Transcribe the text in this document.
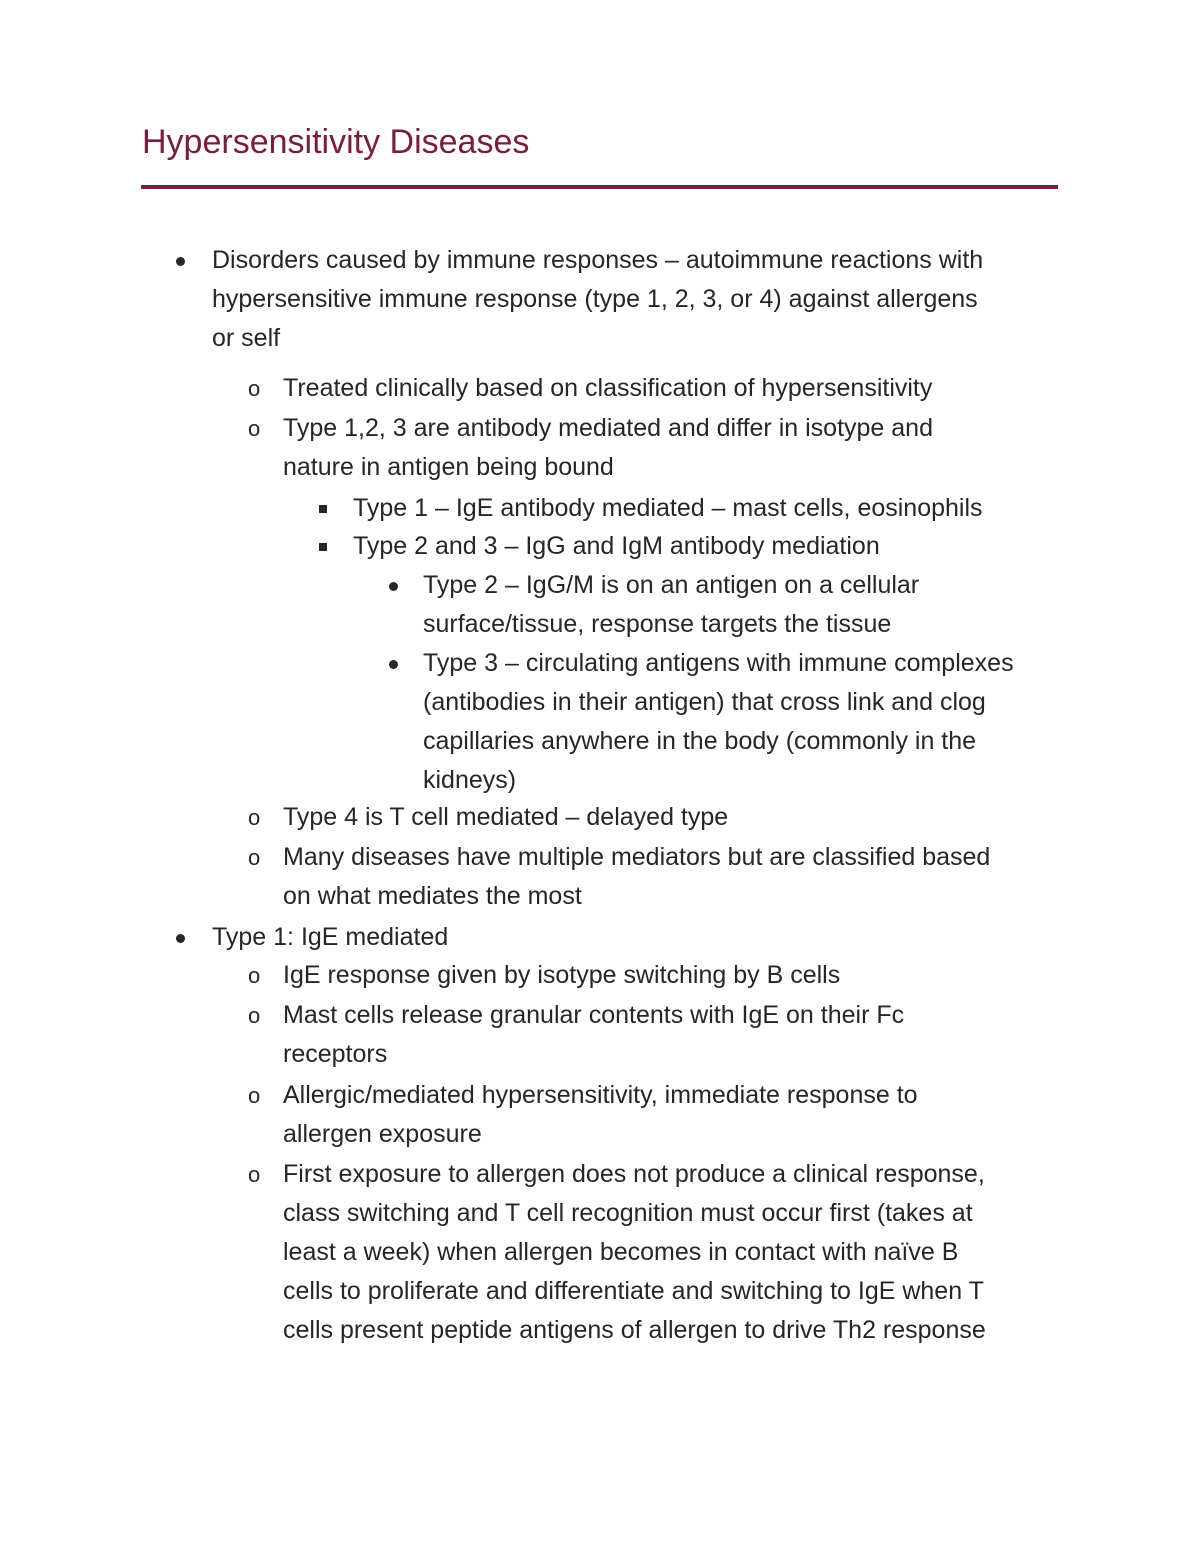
Hypersensitivity Diseases
Disorders caused by immune responses – autoimmune reactions with
hypersensitive immune response (type 1, 2, 3, or 4) against allergens
or self
o Treated clinically based on classification of hypersensitivity
o Type 1,2, 3 are antibody mediated and differ in isotype and
nature in antigen being bound
Type 1 – IgE antibody mediated – mast cells, eosinophils
Type 2 and 3 – IgG and IgM antibody mediation
Type 2 – IgG/M is on an antigen on a cellular
surface/tissue, response targets the tissue
Type 3 – circulating antigens with immune complexes
(antibodies in their antigen) that cross link and clog
capillaries anywhere in the body (commonly in the
kidneys)
o Type 4 is T cell mediated – delayed type
o Many diseases have multiple mediators but are classified based
on what mediates the most
Type 1: IgE mediated
o IgE response given by isotype switching by B cells
o Mast cells release granular contents with IgE on their Fc
receptors
o Allergic/mediated hypersensitivity, immediate response to
allergen exposure
o First exposure to allergen does not produce a clinical response,
class switching and T cell recognition must occur first (takes at
least a week) when allergen becomes in contact with naïve B
cells to proliferate and differentiate and switching to IgE when T
cells present peptide antigens of allergen to drive Th2 response
